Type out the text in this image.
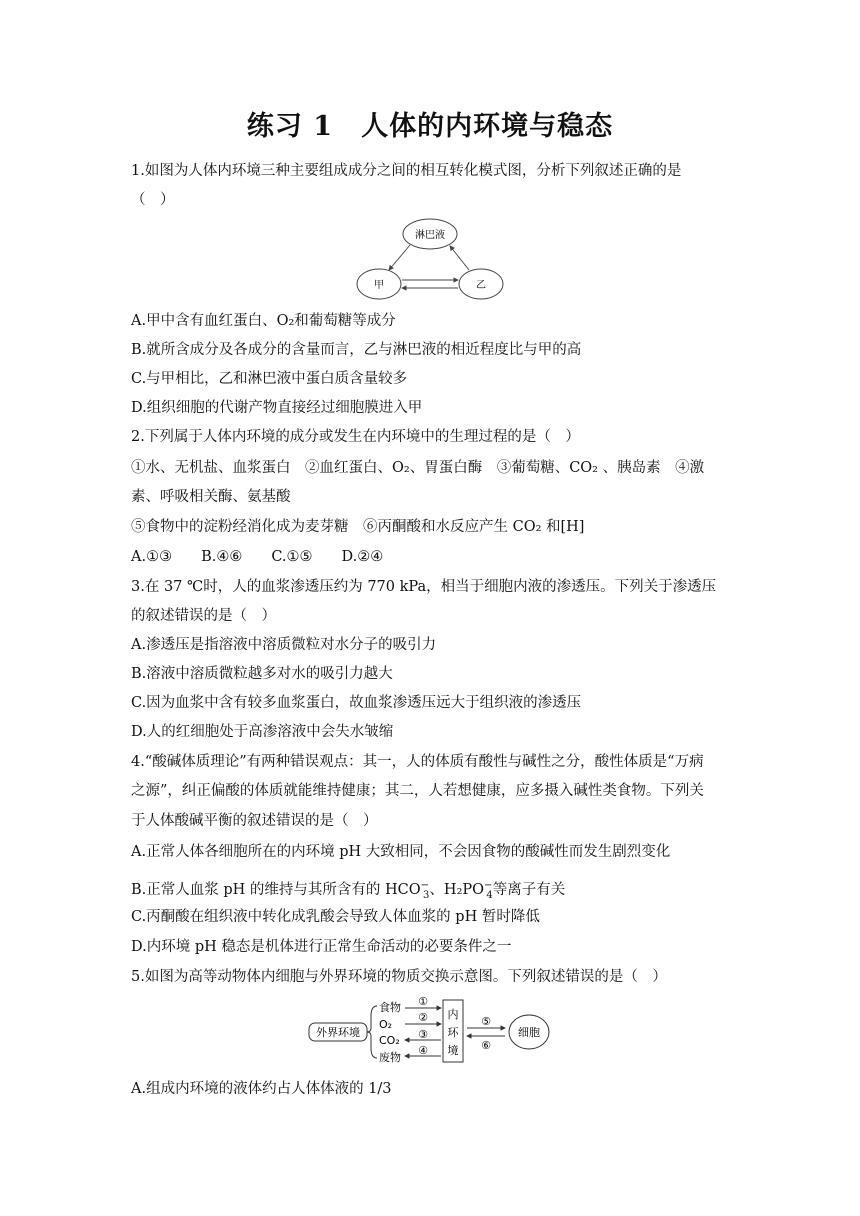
练习 1　人体的内环境与稳态
1.如图为人体内环境三种主要组成成分之间的相互转化模式图，分析下列叙述正确的是
（　）
淋巴液
甲	乙
A.甲中含有血红蛋白、O₂和葡萄糖等成分
B.就所含成分及各成分的含量而言，乙与淋巴液的相近程度比与甲的高
C.与甲相比，乙和淋巴液中蛋白质含量较多
D.组织细胞的代谢产物直接经过细胞膜进入甲
2.下列属于人体内环境的成分或发生在内环境中的生理过程的是（　）
①水、无机盐、血浆蛋白　②血红蛋白、O₂、胃蛋白酶　③葡萄糖、CO₂ 、胰岛素　④激
素、呼吸相关酶、氨基酸
⑤食物中的淀粉经消化成为麦芽糖　⑥丙酮酸和水反应产生 CO₂ 和[H]
A.①③　　B.④⑥　　C.①⑤　　D.②④
3.在 37 ℃时，人的血浆渗透压约为 770 kPa，相当于细胞内液的渗透压。下列关于渗透压
的叙述错误的是（　）
A.渗透压是指溶液中溶质微粒对水分子的吸引力
B.溶液中溶质微粒越多对水的吸引力越大
C.因为血浆中含有较多血浆蛋白，故血浆渗透压远大于组织液的渗透压
D.人的红细胞处于高渗溶液中会失水皱缩
4.“酸碱体质理论”有两种错误观点：其一，人的体质有酸性与碱性之分，酸性体质是“万病
之源”，纠正偏酸的体质就能维持健康；其二，人若想健康，应多摄入碱性类食物。下列关
于人体酸碱平衡的叙述错误的是（　）
A.正常人体各细胞所在的内环境 pH 大致相同，不会因食物的酸碱性而发生剧烈变化
B.正常人血浆 pH 的维持与其所含有的 $HCO^-_3$、$H_2PO^-_4$等离子有关
C.丙酮酸在组织液中转化成乳酸会导致人体血浆的 pH 暂时降低
D.内环境 pH 稳态是机体进行正常生命活动的必要条件之一
5.如图为高等动物体内细胞与外界环境的物质交换示意图。下列叙述错误的是（　）
外界环境
食物
O₂
CO₂
废物
①
②
③
④
内
环
境
⑤
⑥
细胞
A.组成内环境的液体约占人体体液的 1/3
